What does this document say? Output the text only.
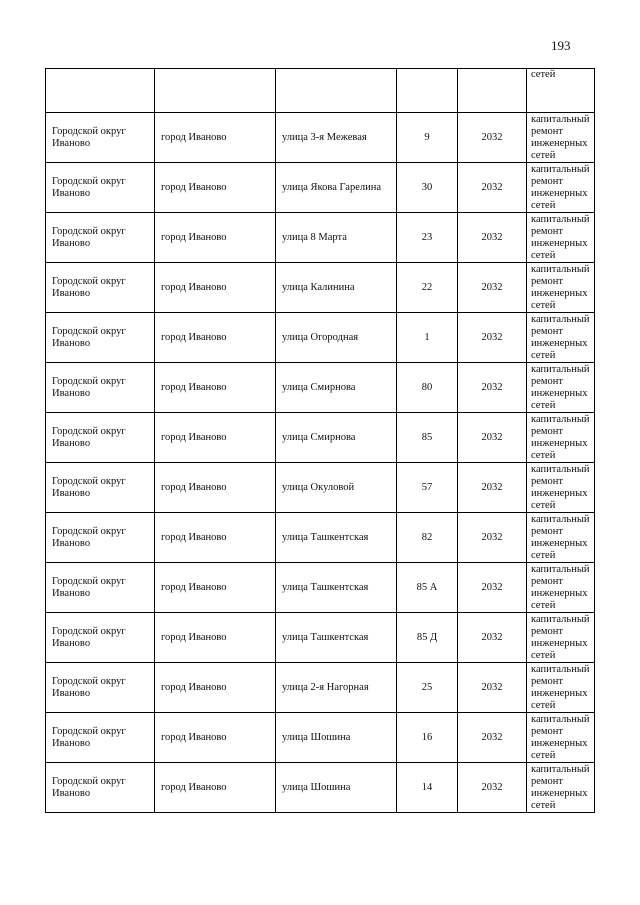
193
					сетей
Городской округ Иваново	город Иваново	улица 3-я Межевая	9	2032	капитальный ремонт инженерных сетей
Городской округ Иваново	город Иваново	улица Якова Гарелина	30	2032	капитальный ремонт инженерных сетей
Городской округ Иваново	город Иваново	улица 8 Марта	23	2032	капитальный ремонт инженерных сетей
Городской округ Иваново	город Иваново	улица Калинина	22	2032	капитальный ремонт инженерных сетей
Городской округ Иваново	город Иваново	улица Огородная	1	2032	капитальный ремонт инженерных сетей
Городской округ Иваново	город Иваново	улица Смирнова	80	2032	капитальный ремонт инженерных сетей
Городской округ Иваново	город Иваново	улица Смирнова	85	2032	капитальный ремонт инженерных сетей
Городской округ Иваново	город Иваново	улица Окуловой	57	2032	капитальный ремонт инженерных сетей
Городской округ Иваново	город Иваново	улица Ташкентская	82	2032	капитальный ремонт инженерных сетей
Городской округ Иваново	город Иваново	улица Ташкентская	85 А	2032	капитальный ремонт инженерных сетей
Городской округ Иваново	город Иваново	улица Ташкентская	85 Д	2032	капитальный ремонт инженерных сетей
Городской округ Иваново	город Иваново	улица 2-я Нагорная	25	2032	капитальный ремонт инженерных сетей
Городской округ Иваново	город Иваново	улица Шошина	16	2032	капитальный ремонт инженерных сетей
Городской округ Иваново	город Иваново	улица Шошина	14	2032	капитальный ремонт инженерных сетей
